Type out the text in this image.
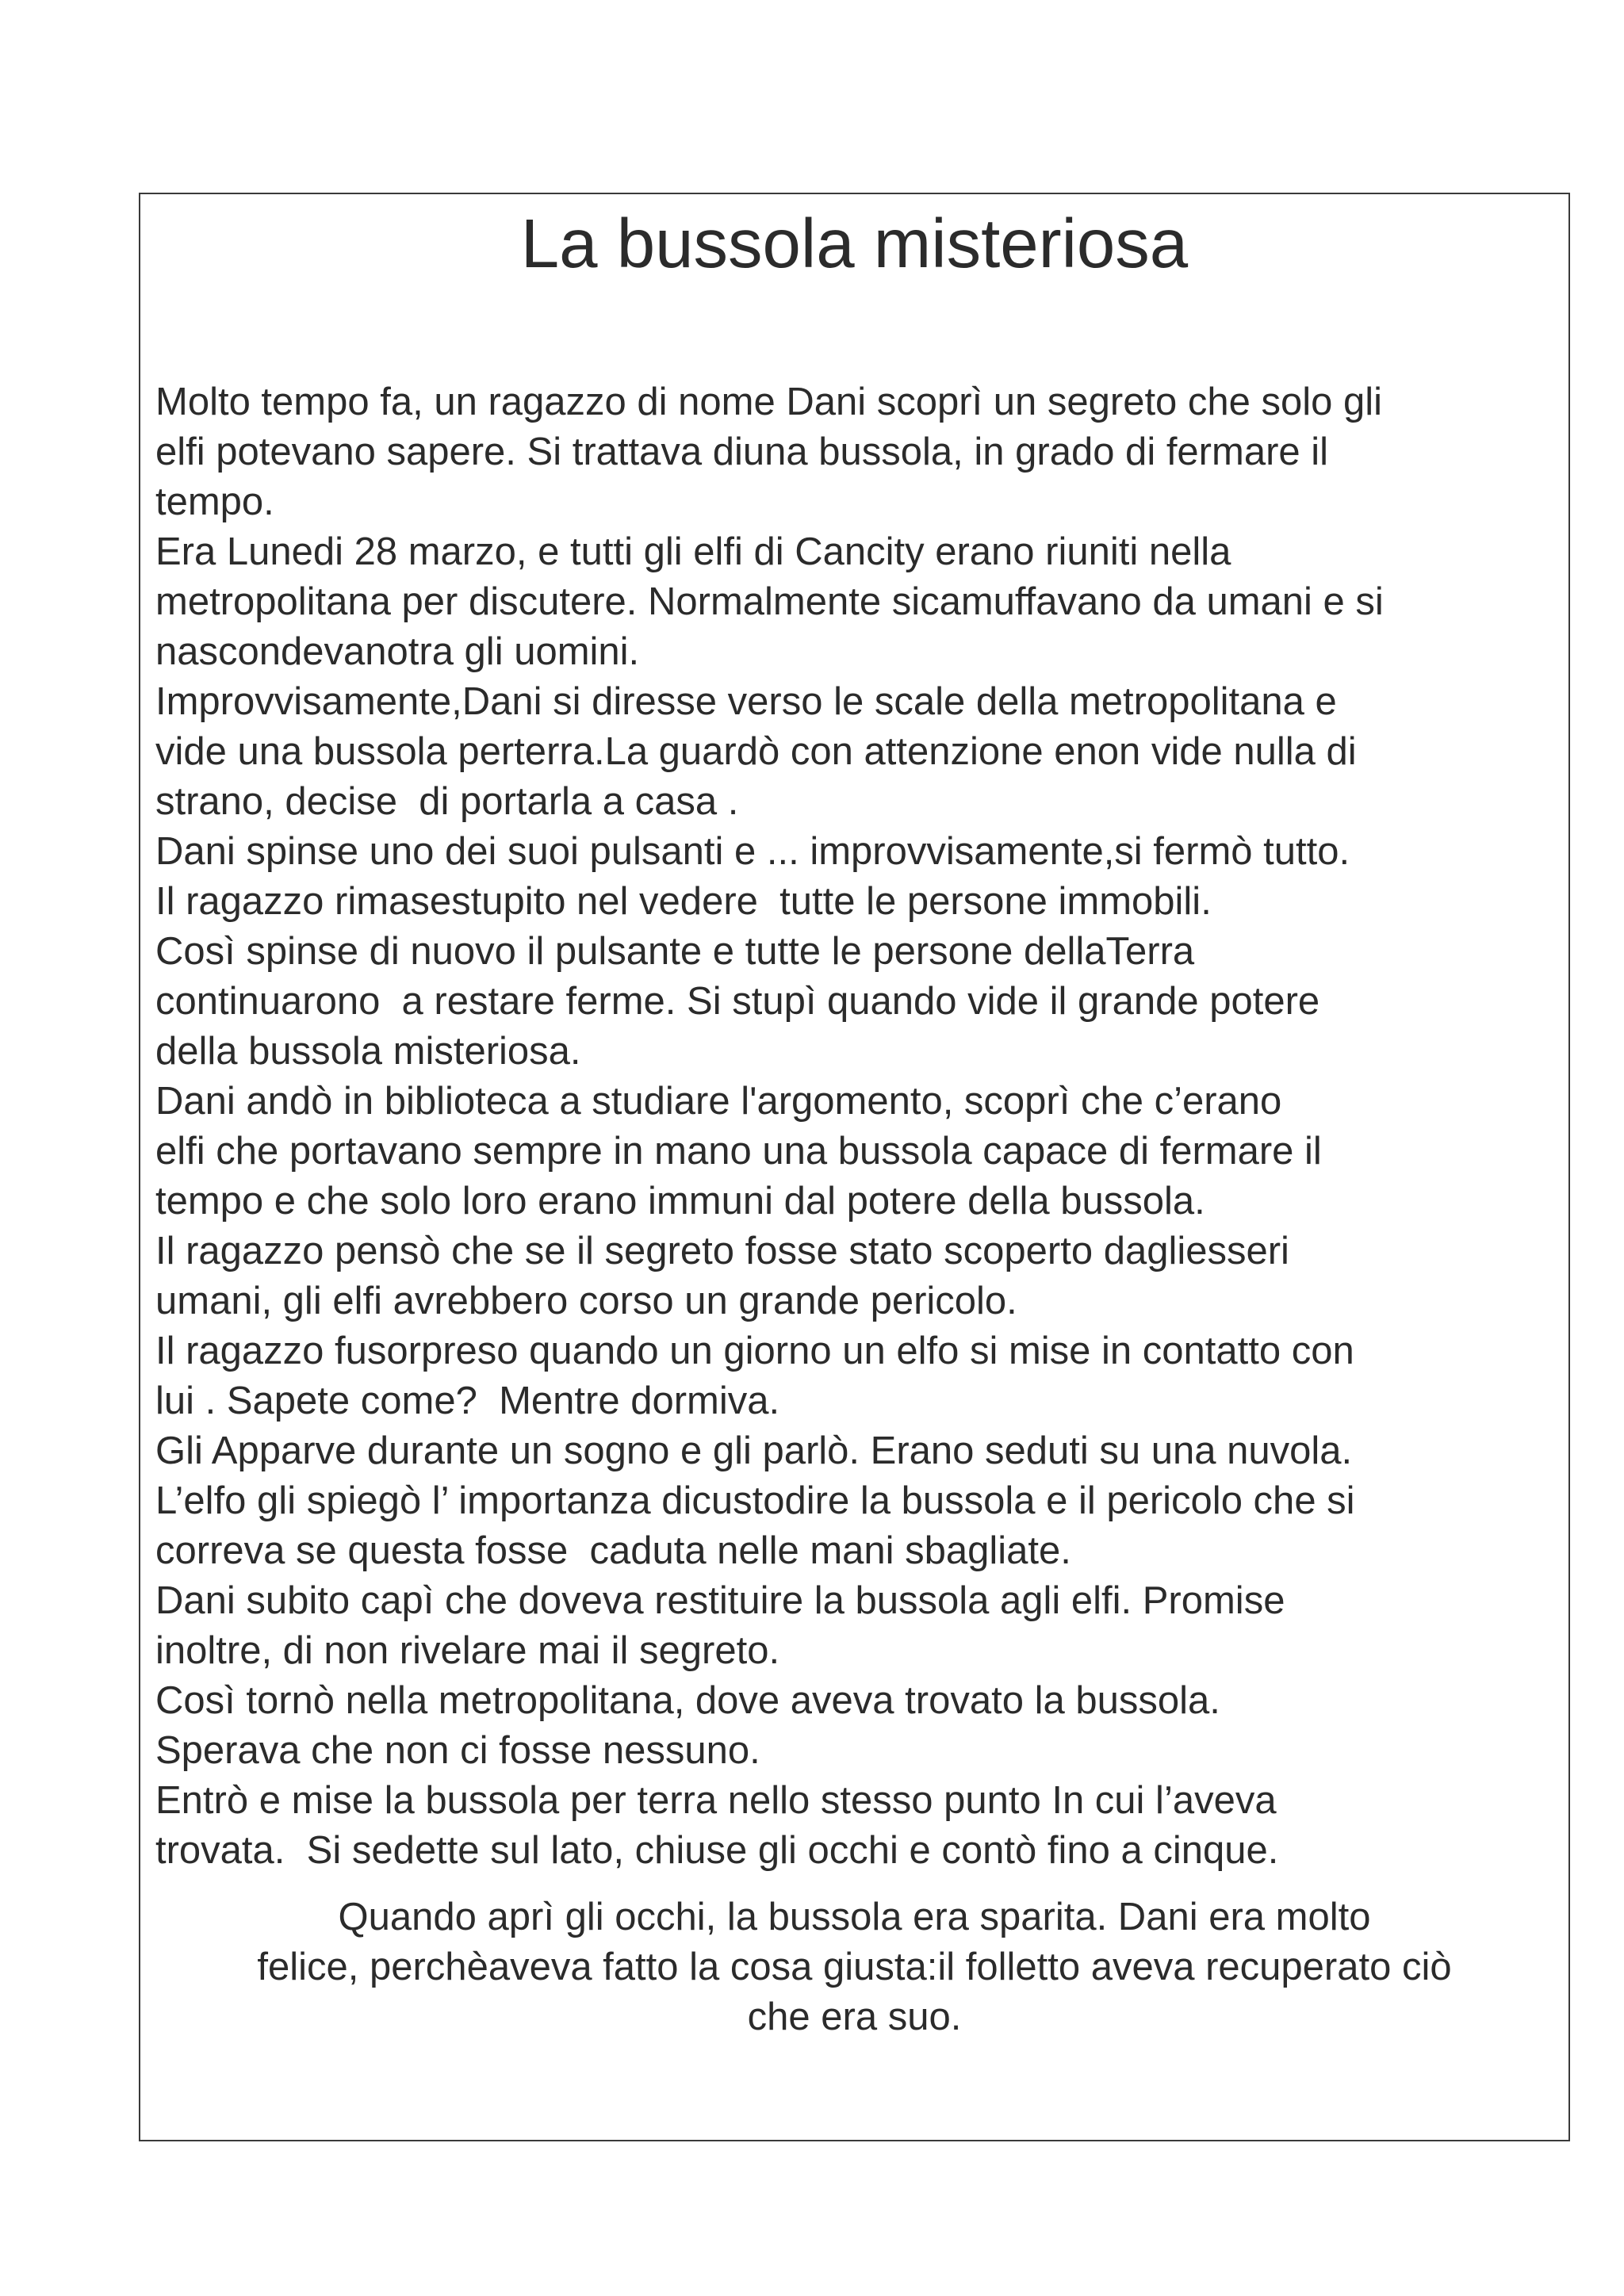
La bussola misteriosa
Molto tempo fa, un ragazzo di nome Dani scoprì un segreto che solo gli
elfi potevano sapere. Si trattava diuna bussola, in grado di fermare il
tempo.
Era Lunedi 28 marzo, e tutti gli elfi di Cancity erano riuniti nella
metropolitana per discutere. Normalmente sicamuffavano da umani e si
nascondevanotra gli uomini.
Improvvisamente,Dani si diresse verso le scale della metropolitana e
vide una bussola perterra.La guardò con attenzione enon vide nulla di
strano, decise  di portarla a casa .
Dani spinse uno dei suoi pulsanti e ... improvvisamente,si fermò tutto.
Il ragazzo rimasestupito nel vedere  tutte le persone immobili.
Così spinse di nuovo il pulsante e tutte le persone dellaTerra
continuarono  a restare ferme. Si stupì quando vide il grande potere
della bussola misteriosa.
Dani andò in biblioteca a studiare l'argomento, scoprì che c’erano
elfi che portavano sempre in mano una bussola capace di fermare il
tempo e che solo loro erano immuni dal potere della bussola.
Il ragazzo pensò che se il segreto fosse stato scoperto dagliesseri
umani, gli elfi avrebbero corso un grande pericolo.
Il ragazzo fusorpreso quando un giorno un elfo si mise in contatto con
lui . Sapete come?  Mentre dormiva.
Gli Apparve durante un sogno e gli parlò. Erano seduti su una nuvola.
L’elfo gli spiegò l’ importanza dicustodire la bussola e il pericolo che si
correva se questa fosse  caduta nelle mani sbagliate.
Dani subito capì che doveva restituire la bussola agli elfi. Promise
inoltre, di non rivelare mai il segreto.
Così tornò nella metropolitana, dove aveva trovato la bussola.
Sperava che non ci fosse nessuno.
Entrò e mise la bussola per terra nello stesso punto In cui l’aveva
trovata.  Si sedette sul lato, chiuse gli occhi e contò fino a cinque.
Quando aprì gli occhi, la bussola era sparita. Dani era molto
felice, perchèaveva fatto la cosa giusta:il folletto aveva recuperato ciò
che era suo.
